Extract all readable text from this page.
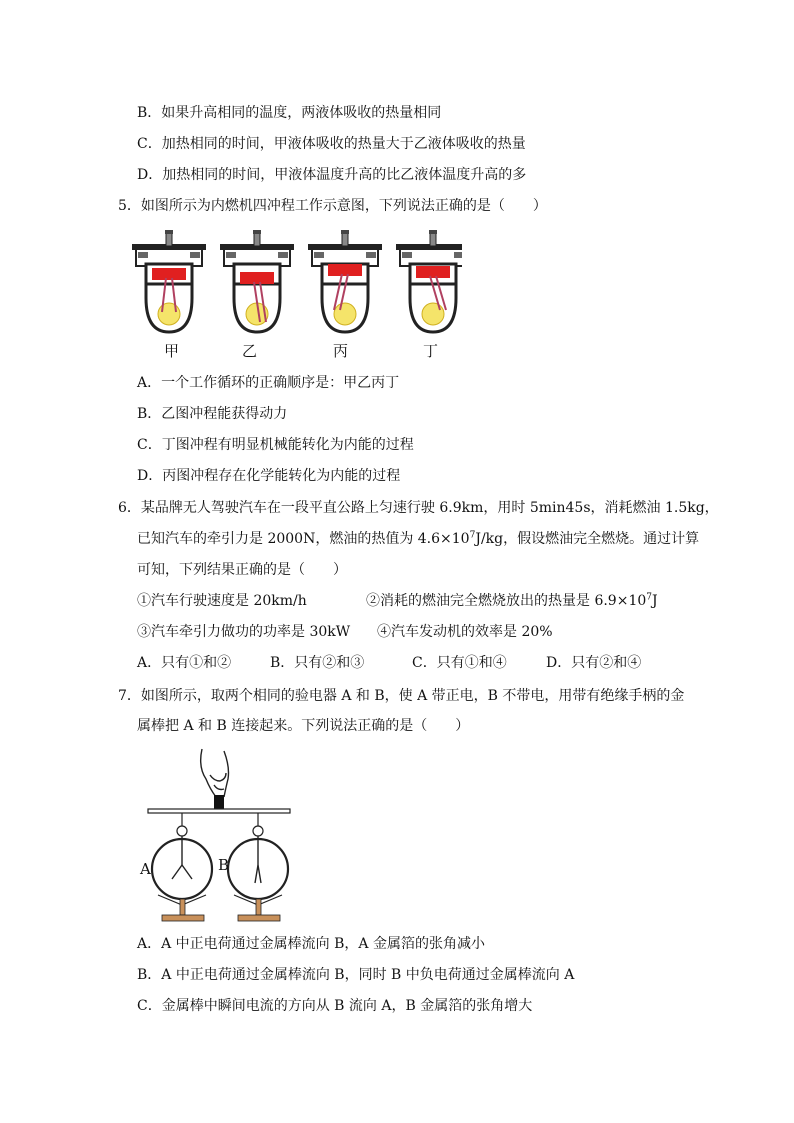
B．如果升高相同的温度，两液体吸收的热量相同
C．加热相同的时间，甲液体吸收的热量大于乙液体吸收的热量
D．加热相同的时间，甲液体温度升高的比乙液体温度升高的多
5．如图所示为内燃机四冲程工作示意图，下列说法正确的是（　　）
甲	乙	丙	丁
A．一个工作循环的正确顺序是：甲乙丙丁
B．乙图冲程能获得动力
C．丁图冲程有明显机械能转化为内能的过程
D．丙图冲程存在化学能转化为内能的过程
6．某品牌无人驾驶汽车在一段平直公路上匀速行驶 6.9km，用时 5min45s，消耗燃油 1.5kg，
已知汽车的牵引力是 2000N，燃油的热值为 $4.6\times 10^7J/kg$，假设燃油完全燃烧。通过计算
可知，下列结果正确的是（　　）
①汽车行驶速度是 20km/h	②消耗的燃油完全燃烧放出的热量是 $6.9\times 10^7J$
③汽车牵引力做功的功率是 30kW ④汽车发动机的效率是 20%
A．只有①和②	B．只有②和③	C．只有①和④	D．只有②和④
7．如图所示，取两个相同的验电器 A 和 B，使 A 带正电，B 不带电，用带有绝缘手柄的金
属棒把 A 和 B 连接起来。下列说法正确的是（　　）
A	B
A．A 中正电荷通过金属棒流向 B，A 金属箔的张角减小
B．A 中正电荷通过金属棒流向 B，同时 B 中负电荷通过金属棒流向 A
C．金属棒中瞬间电流的方向从 B 流向 A，B 金属箔的张角增大
